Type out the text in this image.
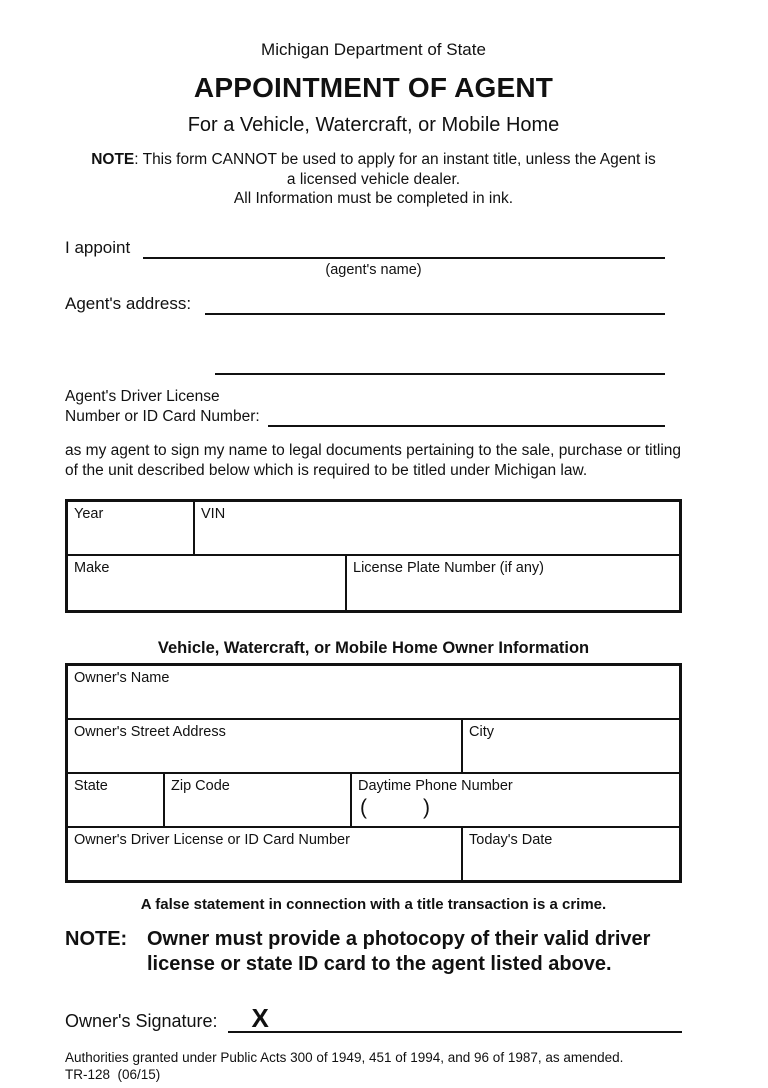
Michigan Department of State
APPOINTMENT OF AGENT
For a Vehicle, Watercraft, or Mobile Home
NOTE: This form CANNOT be used to apply for an instant title, unless the Agent is
a licensed vehicle dealer.
All Information must be completed in ink.
I appoint
(agent's name)
Agent's address:
Agent's Driver License
Number or ID Card Number:
as my agent to sign my name to legal documents pertaining to the sale, purchase or titling of the unit described below which is required to be titled under Michigan law.
Year	VIN
Make	License Plate Number (if any)
Vehicle, Watercraft, or Mobile Home Owner Information
Owner's Name
Owner's Street Address	City
State	Zip Code	Daytime Phone Number
(	)
Owner's Driver License or ID Card Number	Today's Date
A false statement in connection with a title transaction is a crime.
NOTE: Owner must provide a photocopy of their valid driver
license or state ID card to the agent listed above.
Owner's Signature: X
Authorities granted under Public Acts 300 of 1949, 451 of 1994, and 96 of 1987, as amended.
TR-128  (06/15)
